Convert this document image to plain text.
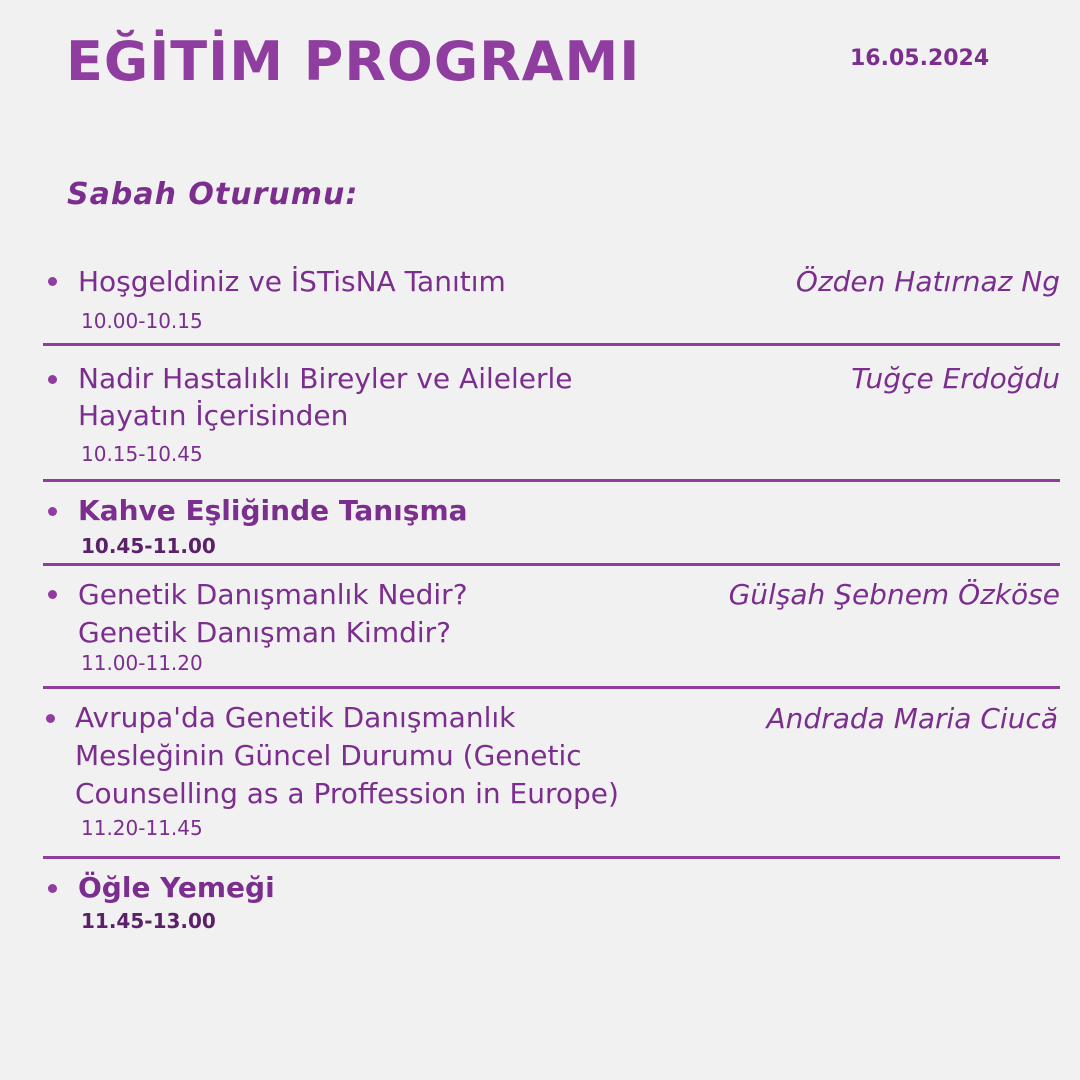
EĞİTİM PROGRAMI	16.05.2024
Sabah Oturumu:
Hoşgeldiniz ve İSTisNA Tanıtım
10.00-10.15
Özden Hatırnaz Ng
Nadir Hastalıklı Bireyler ve Ailelerle
Hayatın İçerisinden
10.15-10.45
Tuğçe Erdoğdu
Kahve Eşliğinde Tanışma
10.45-11.00
Genetik Danışmanlık Nedir?
Genetik Danışman Kimdir?
11.00-11.20
Gülşah Şebnem Özköse
Avrupa'da Genetik Danışmanlık
Mesleğinin Güncel Durumu (Genetic
Counselling as a Proffession in Europe)
11.20-11.45
Andrada Maria Ciucă
Öğle Yemeği
11.45-13.00
